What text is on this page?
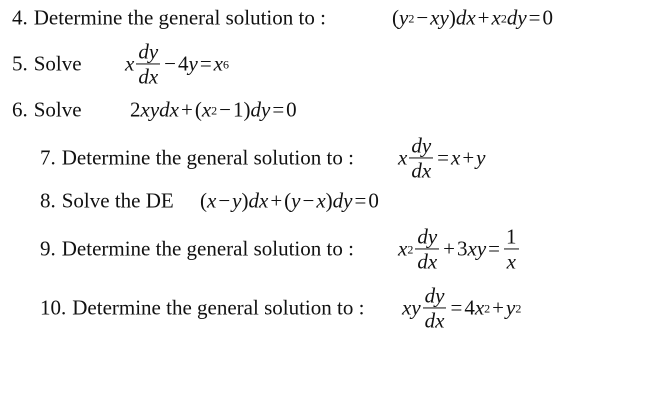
4. Determine the general solution to :	( y 2 − xy ) dx + x 2 dy = 0
5. Solve x $\frac{dy}{dx} - 4$ y = x 6
6. Solve 2 xydx + ( x 2 − 1 ) dy = 0
7. Determine the general solution to : x $\frac{dy}{dx} = x + y$
8. Solve the DE ( x − y ) dx + ( y − x ) dy = 0
9. Determine the general solution to : x $2 \frac{dy}{dx} + 3$ xy = $\frac{1}{x}$
10. Determine the general solution to : xy $\frac{dy}{dx} = 4$ x 2 + y 2
